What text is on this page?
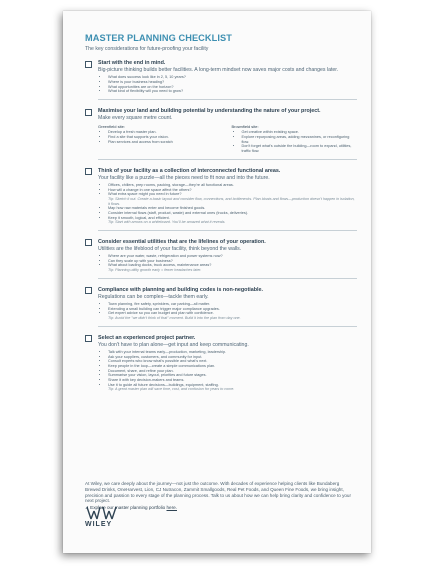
MASTER PLANNING CHECKLIST
The key considerations for future-proofing your facility
Start with the end in mind.
Big-picture thinking builds better facilities. A long-term mindset now saves major costs and changes later.
• What does success look like in 2, 5, 10 years?
• Where is your business heading?
• What opportunities are on the horizon?
• What kind of flexibility will you need to grow?
Maximise your land and building potential by understanding the nature of your project.
Make every square metre count.
Greenfield site:
• Develop a fresh master plan.
• Find a site that supports your vision.
• Plan services and access from scratch
Brownfield site:
• Get creative within existing space.
• Explore repurposing areas, adding mezzanines, or reconfiguring flow.
• Don't forget what's outside the building—room to expand, utilities, traffic flow.
Think of your facility as a collection of interconnected functional areas.
Your facility like a puzzle—all the pieces need to fit now and into the future.
• Offices, chillers, prep rooms, packing, storage—they're all functional areas.
• How will a change in one space affect the others?
• What extra space might you need in future?
Tip: Sketch it out. Create a basic layout and consider flow, connections, and bottlenecks. Plan bloats and flows—production doesn't happen in isolation, it flows.
• Map how raw materials enter and become finished goods.
• Consider internal flows (staff, product, waste) and external ones (trucks, deliveries).
• Keep it smooth, logical, and efficient.
Tip: Start with arrows on a whiteboard. You'll be amazed what it reveals.
Consider essential utilities that are the lifelines of your operation.
Utilities are the lifeblood of your facility, think beyond the walls.
• Where are your water, waste, refrigeration and power systems now?
• Can they scale up with your business?
• What about loading docks, truck access, maintenance areas?
Tip: Planning utility growth early = fewer headaches later.
Compliance with planning and building codes is non-negotiable.
Regulations can be complex—tackle them early.
• Town planning, fire safety, sprinklers, car parking—all matter.
• Extending a small building can trigger major compliance upgrades.
• Get expert advice so you can budget and plan with confidence.
Tip: Avoid the "we didn't think of that" moment. Build it into the plan from day one.
Select an experienced project partner.
You don't have to plan alone—get input and keep communicating.
• Talk with your internal teams early—production, marketing, leadership.
• Ask your suppliers, customers, and community for input.
• Consult experts who know what's possible and what's next.
• Keep people in the loop—create a simple communications plan.
• Document, share, and refine your plan.
• Summarise your vision, layout, priorities and future stages.
• Share it with key decision-makers and teams.
• Use it to guide all future decisions—buildings, equipment, staffing.
Tip: A great master plan will save time, cost, and confusion for years to come.
At Wiley, we care deeply about the journey—not just the outcome. With decades of experience helping clients like Bundaberg Brewed Drinks, OneHarvest, Lion, CJ Nutracon, Zammit Smallgoods, Real Pet Foods, and Queen Fine Foods, we bring insight, precision and passion to every stage of the planning process. Talk to us about how we can help bring clarity and confidence to your next project.
➚ Explore our master planning portfolio here.
WILEY
